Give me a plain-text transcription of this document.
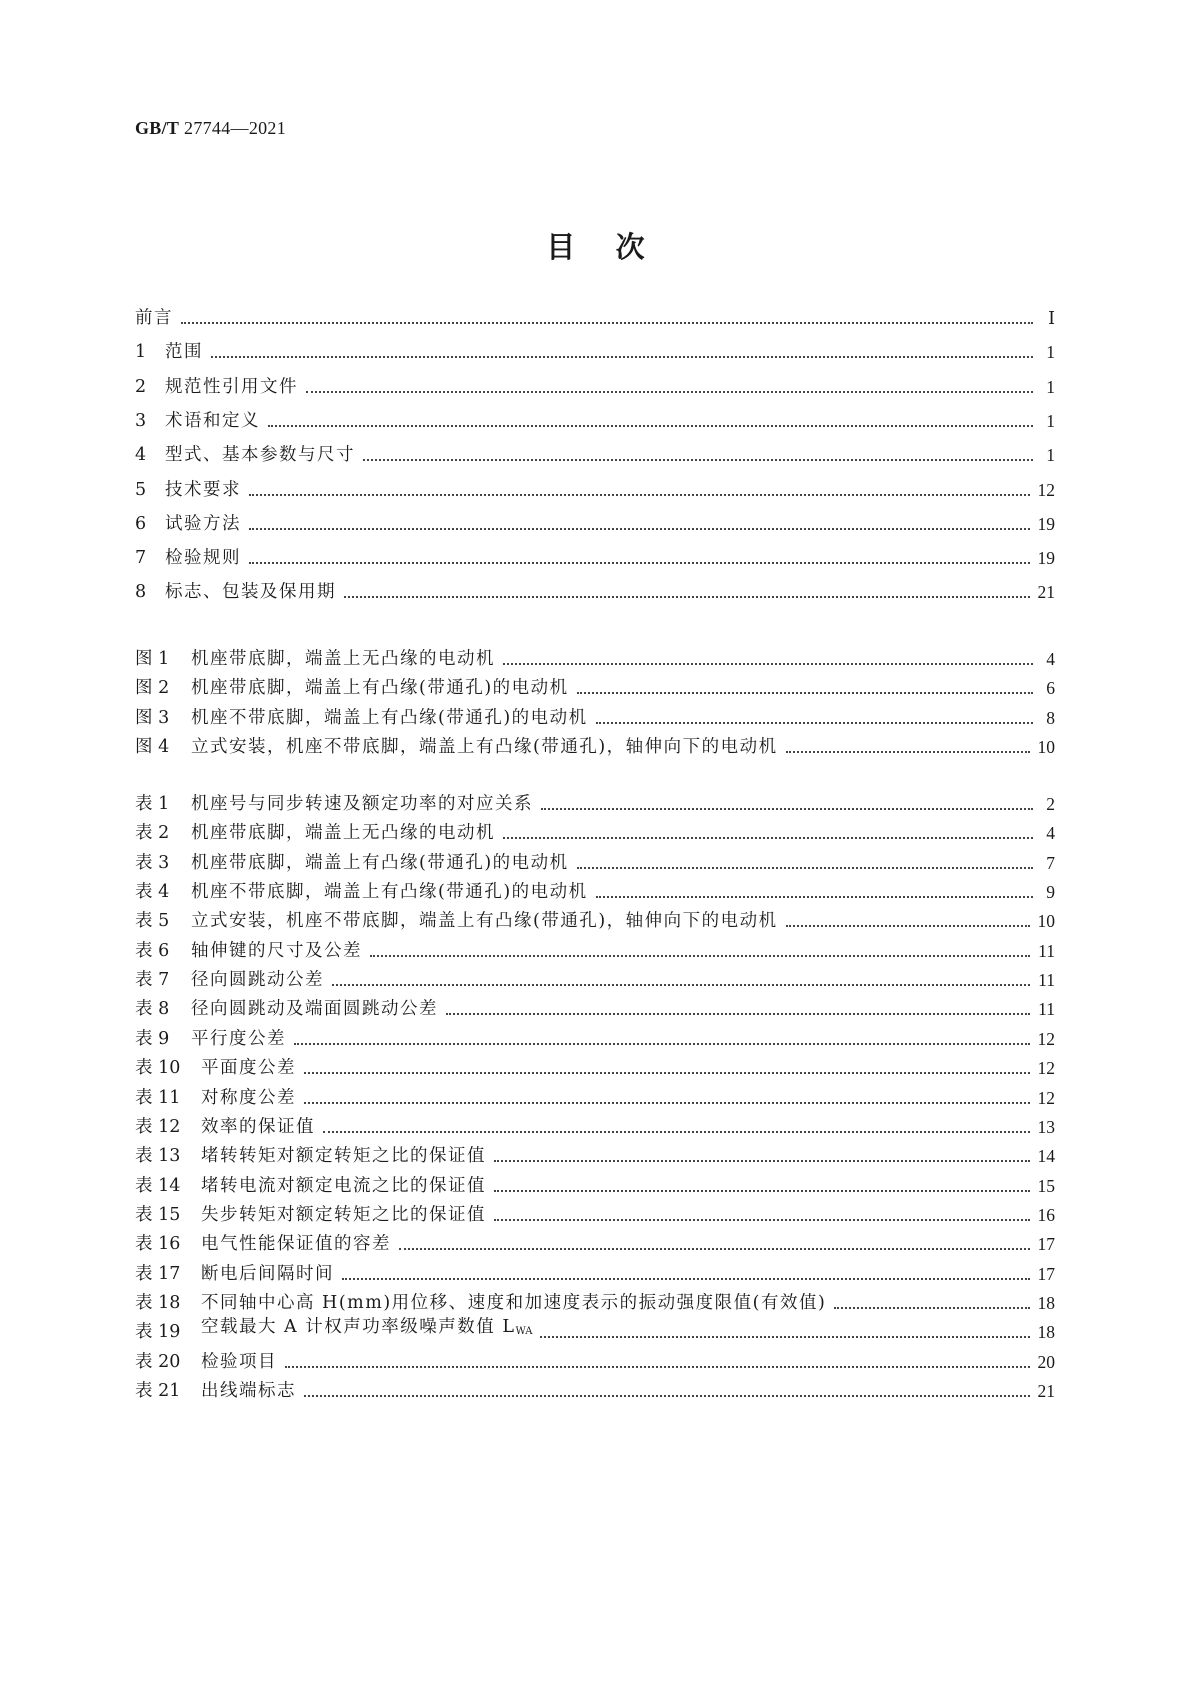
GB/T 27744—2021
目    次
前言	Ⅰ
1	范围	1
2	规范性引用文件	1
3	术语和定义	1
4	型式、基本参数与尺寸	1
5	技术要求	12
6	试验方法	19
7	检验规则	19
8	标志、包装及保用期	21
图 1	机座带底脚，端盖上无凸缘的电动机	4
图 2	机座带底脚，端盖上有凸缘(带通孔)的电动机	6
图 3	机座不带底脚，端盖上有凸缘(带通孔)的电动机	8
图 4	立式安装，机座不带底脚，端盖上有凸缘(带通孔)，轴伸向下的电动机	10
表 1	机座号与同步转速及额定功率的对应关系	2
表 2	机座带底脚，端盖上无凸缘的电动机	4
表 3	机座带底脚，端盖上有凸缘(带通孔)的电动机	7
表 4	机座不带底脚，端盖上有凸缘(带通孔)的电动机	9
表 5	立式安装，机座不带底脚，端盖上有凸缘(带通孔)，轴伸向下的电动机	10
表 6	轴伸键的尺寸及公差	11
表 7	径向圆跳动公差	11
表 8	径向圆跳动及端面圆跳动公差	11
表 9	平行度公差	12
表 10	平面度公差	12
表 11	对称度公差	12
表 12	效率的保证值	13
表 13	堵转转矩对额定转矩之比的保证值	14
表 14	堵转电流对额定电流之比的保证值	15
表 15	失步转矩对额定转矩之比的保证值	16
表 16	电气性能保证值的容差	17
表 17	断电后间隔时间	17
表 18	不同轴中心高 H(mm)用位移、速度和加速度表示的振动强度限值(有效值)	18
表 19	空载最大 A 计权声功率级噪声数值 $L_{WA}$	18
表 20	检验项目	20
表 21	出线端标志	21
